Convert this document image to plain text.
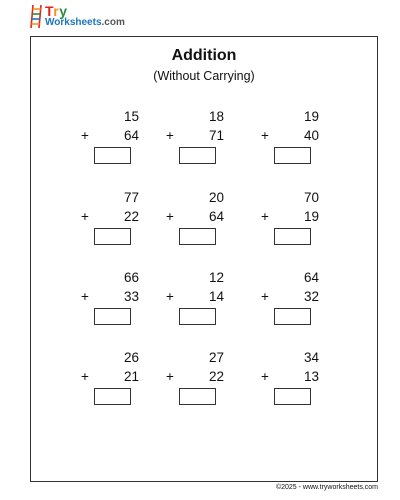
Try
Worksheets.com
Addition
(Without Carrying)
15
+	64
18
+	71
19
+	40
77
+	22
20
+	64
70
+	19
66
+	33
12
+	14
64
+	32
26
+	21
27
+	22
34
+	13
©2025 - www.tryworksheets.com
